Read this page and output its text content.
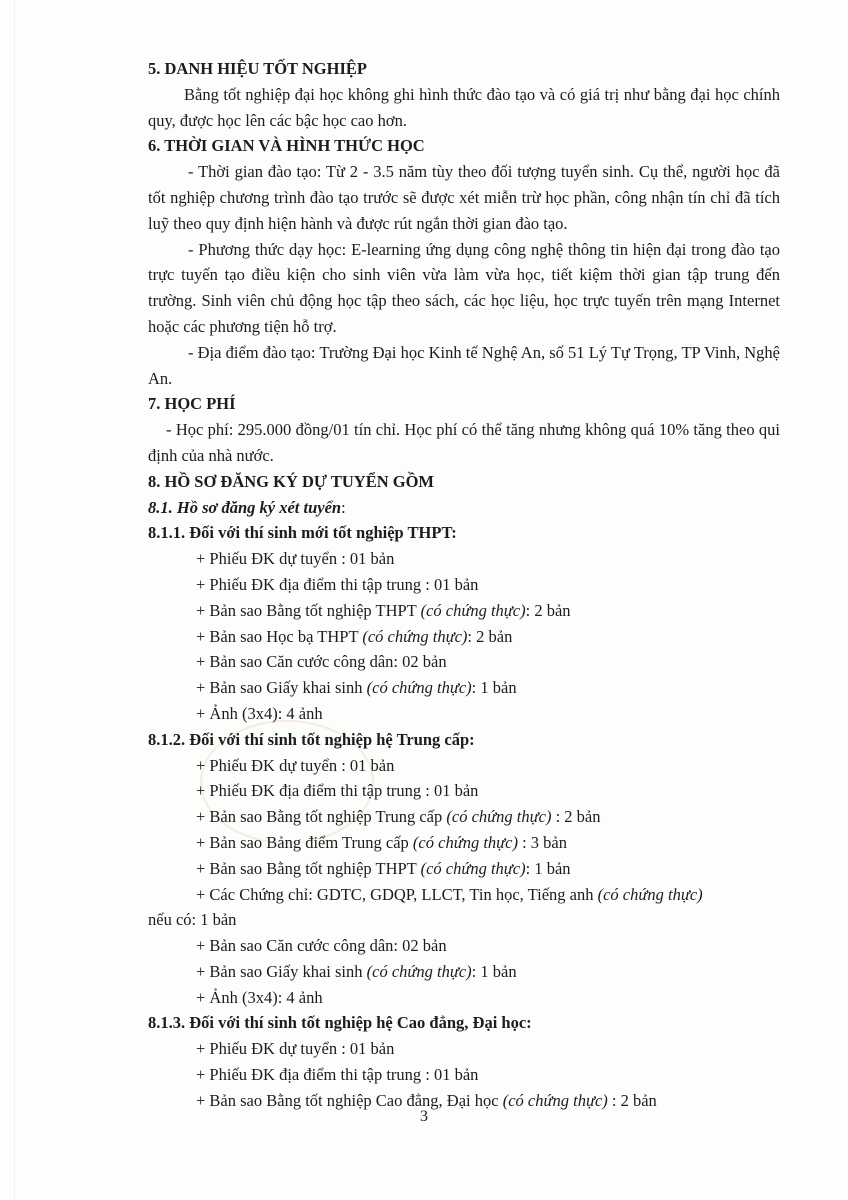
5. DANH HIỆU TỐT NGHIỆP

Bằng tốt nghiệp đại học không ghi hình thức đào tạo và có giá trị như bằng đại học chính quy, được học lên các bậc học cao hơn.

6. THỜI GIAN VÀ HÌNH THỨC HỌC

- Thời gian đào tạo: Từ 2 - 3.5 năm tùy theo đối tượng tuyển sinh. Cụ thể, người học đã tốt nghiệp chương trình đào tạo trước sẽ được xét miễn trừ học phần, công nhận tín chỉ đã tích luỹ theo quy định hiện hành và được rút ngắn thời gian đào tạo.

- Phương thức dạy học: E-learning ứng dụng công nghệ thông tin hiện đại trong đào tạo trực tuyến tạo điều kiện cho sinh viên vừa làm vừa học, tiết kiệm thời gian tập trung đến trường. Sinh viên chủ động học tập theo sách, các học liệu, học trực tuyến trên mạng Internet hoặc các phương tiện hỗ trợ.

- Địa điểm đào tạo: Trường Đại học Kinh tế Nghệ An, số 51 Lý Tự Trọng, TP Vinh, Nghệ An.

7. HỌC PHÍ

- Học phí: 295.000 đồng/01 tín chỉ. Học phí có thể tăng nhưng không quá 10% tăng theo qui định của nhà nước.

8. HỒ SƠ ĐĂNG KÝ DỰ TUYỂN GỒM

8.1. Hồ sơ đăng ký xét tuyển:

8.1.1. Đối với thí sinh mới tốt nghiệp THPT:

+ Phiếu ĐK dự tuyển : 01 bản

+ Phiếu ĐK địa điểm thi tập trung : 01 bản

+ Bản sao Bằng tốt nghiệp THPT (có chứng thực): 2 bản

+ Bản sao Học bạ THPT (có chứng thực): 2 bản

+ Bản sao Căn cước công dân: 02 bản

+ Bản sao Giấy khai sinh (có chứng thực): 1 bản

+ Ảnh (3x4): 4 ảnh

8.1.2. Đối với thí sinh tốt nghiệp hệ Trung cấp:

+ Phiếu ĐK dự tuyển : 01 bản

+ Phiếu ĐK địa điểm thi tập trung : 01 bản

+ Bản sao Bằng tốt nghiệp Trung cấp (có chứng thực) : 2 bản

+ Bản sao Bảng điểm Trung cấp (có chứng thực) : 3 bản

+ Bản sao Bằng tốt nghiệp THPT (có chứng thực): 1 bản

+ Các Chứng chỉ: GDTC, GDQP, LLCT, Tin học, Tiếng anh (có chứng thực)

nếu có: 1 bản

+ Bản sao Căn cước công dân: 02 bản

+ Bản sao Giấy khai sinh (có chứng thực): 1 bản

+ Ảnh (3x4): 4 ảnh

8.1.3. Đối với thí sinh tốt nghiệp hệ Cao đẳng, Đại học:

+ Phiếu ĐK dự tuyển : 01 bản

+ Phiếu ĐK địa điểm thi tập trung : 01 bản

+ Bản sao Bằng tốt nghiệp Cao đẳng, Đại học (có chứng thực) : 2 bản

3
